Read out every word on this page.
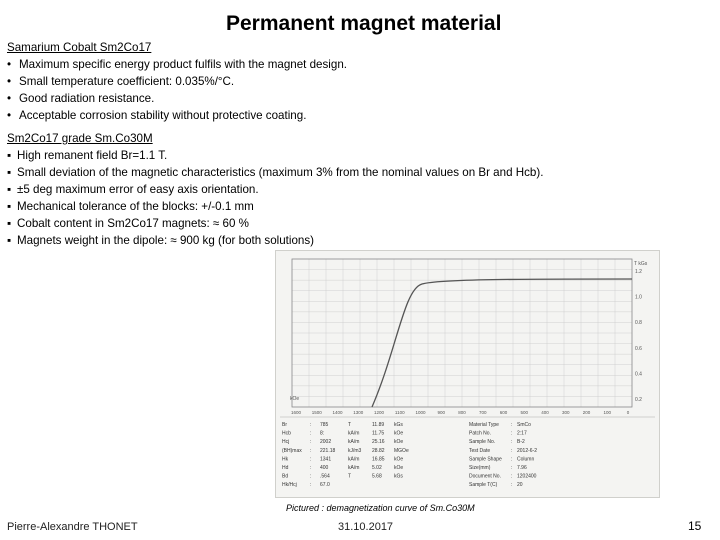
Permanent magnet material
Samarium Cobalt Sm2Co17
• Maximum specific energy product fulfils with the magnet design.
• Small temperature coefficient: 0.035%/°C.
• Good radiation resistance.
• Acceptable corrosion stability without protective coating.
Sm2Co17 grade Sm.Co30M
▪ High remanent field Br=1.1 T.
▪ Small deviation of the magnetic characteristics (maximum 3% from the nominal values on Br and Hcb).
▪ ±5 deg maximum error of easy axis orientation.
▪ Mechanical tolerance of the blocks: +/-0.1 mm
▪ Cobalt content in Sm2Co17 magnets: ≈ 60 %
▪ Magnets weight in the dipole: ≈ 900 kg (for both solutions)
1.2
1.0
0.8
0.6
0.4
0.2
1600 1500 1400 1300 1200 1100 1000	900	800	700	600	500	400	300	200	100	0
T kGs
kOe
Br	: 785	T	11.89 kGs
Hcb	: 8:	kA/m	11.75 kOe
Hcj	: 2002	kA/m	25.16 kOe
(BH)max : 221.18	kJ/m3 28.82 MGOe
Hk	: 1341	kA/m	16.85 kOe
Hd	: 400	kA/m	5.02 kOe
Bd	: .564	T	5.68 kGs
Hk/Hcj	: 67.0
Material Type : SmCo
Patch No.	: 2:17
Sample No.	: B-2
Test Date	: 2012-6-2
Sample Shape : Column
Size(mm)	: 7.96
Document No. : 1202400
Sample T(C)	: 20
Pictured : demagnetization curve of Sm.Co30M
Pierre-Alexandre THONET	31.10.2017	15
